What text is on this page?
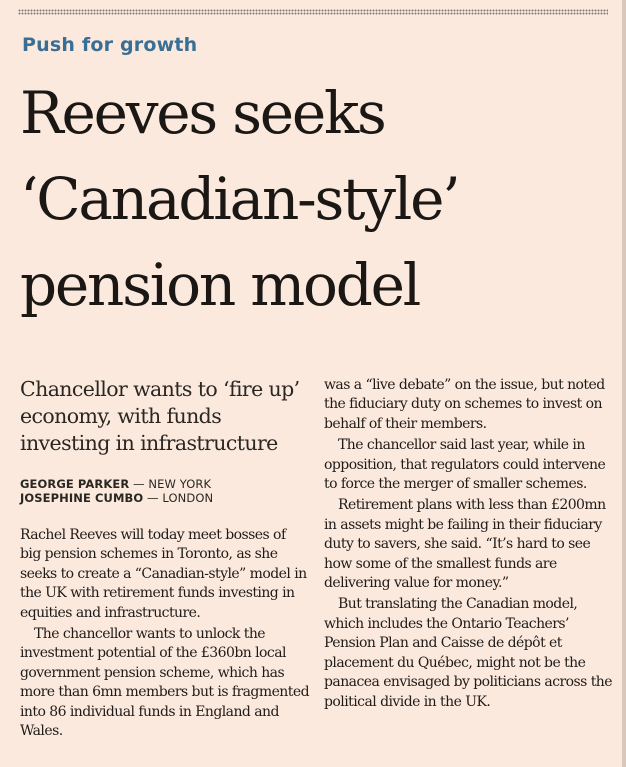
Push for growth
Reeves seeks ‘Canadian-style’ pension model

Chancellor wants to ‘fire up’ economy, with funds investing in infrastructure

GEORGE PARKER — NEW YORK
JOSEPHINE CUMBO — LONDON

Rachel Reeves will today meet bosses of big pension schemes in Toronto, as she seeks to create a “Canadian-style” model in the UK with retirement funds investing in equities and infrastructure.

The chancellor wants to unlock the investment potential of the £360bn local government pension scheme, which has more than 6mn members but is fragmented into 86 individual funds in England and Wales.

was a “live debate” on the issue, but noted the fiduciary duty on schemes to invest on behalf of their members.

The chancellor said last year, while in opposition, that regulators could intervene to force the merger of smaller schemes.

Retirement plans with less than £200mn in assets might be failing in their fiduciary duty to savers, she said. “It’s hard to see how some of the smallest funds are delivering value for money.”

But translating the Canadian model, which includes the Ontario Teachers’ Pension Plan and Caisse de dépôt et placement du Québec, might not be the panacea envisaged by politicians across the political divide in the UK.
